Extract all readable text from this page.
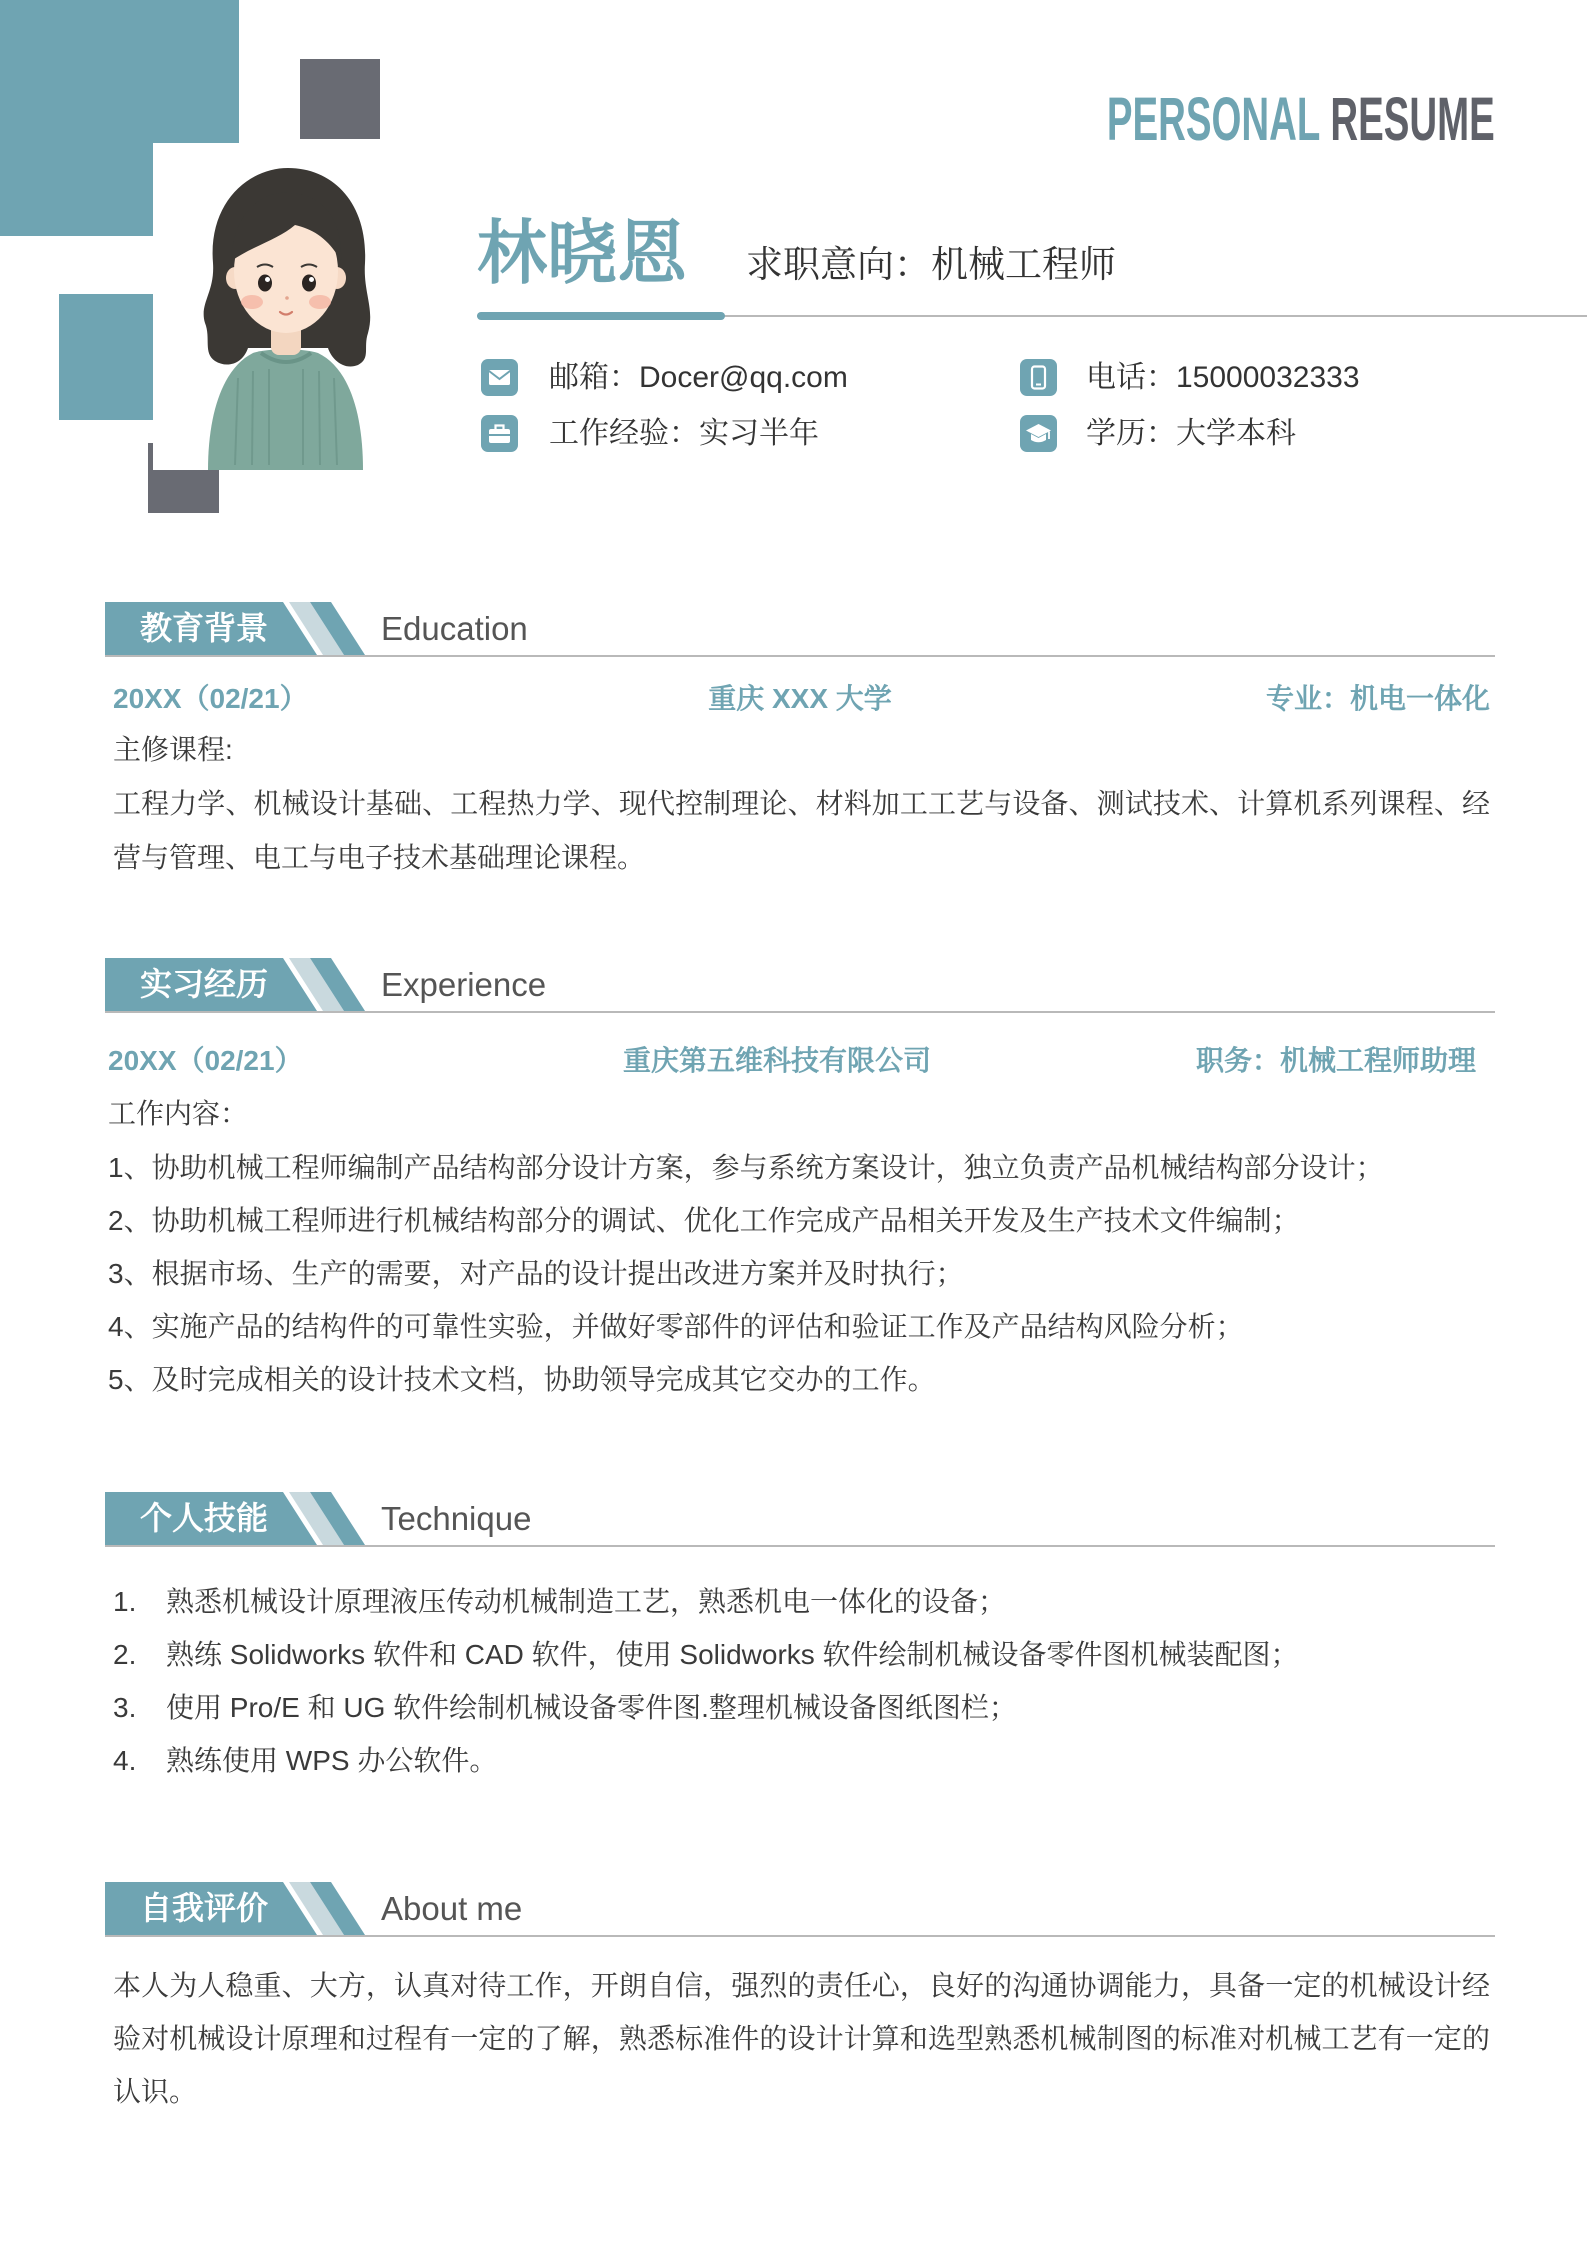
PERSONAL RESUME
林晓恩 求职意向：机械工程师
邮箱：Docer@qq.com
工作经验：实习半年
电话：15000032333
学历：大学本科
教育背景	Education
20XX（02/21）	重庆 XXX 大学	专业：机电一体化
主修课程:
工程力学、机械设计基础、工程热力学、现代控制理论、材料加工工艺与设备、测试技术、计算机系列课程、经营与管理、电工与电子技术基础理论课程。
实习经历	Experience
20XX（02/21）	重庆第五维科技有限公司	职务：机械工程师助理
工作内容：
1、协助机械工程师编制产品结构部分设计方案，参与系统方案设计，独立负责产品机械结构部分设计；
2、协助机械工程师进行机械结构部分的调试、优化工作完成产品相关开发及生产技术文件编制；
3、根据市场、生产的需要，对产品的设计提出改进方案并及时执行；
4、实施产品的结构件的可靠性实验，并做好零部件的评估和验证工作及产品结构风险分析；
5、及时完成相关的设计技术文档，协助领导完成其它交办的工作。
个人技能	Technique
1. 熟悉机械设计原理液压传动机械制造工艺，熟悉机电一体化的设备；
2. 熟练 Solidworks 软件和 CAD 软件，使用 Solidworks 软件绘制机械设备零件图机械装配图；
3. 使用 Pro/E 和 UG 软件绘制机械设备零件图.整理机械设备图纸图栏；
4. 熟练使用 WPS 办公软件。
自我评价	About me
本人为人稳重、大方，认真对待工作，开朗自信，强烈的责任心，良好的沟通协调能力，具备一定的机械设计经验对机械设计原理和过程有一定的了解，熟悉标准件的设计计算和选型熟悉机械制图的标准对机械工艺有一定的认识。
